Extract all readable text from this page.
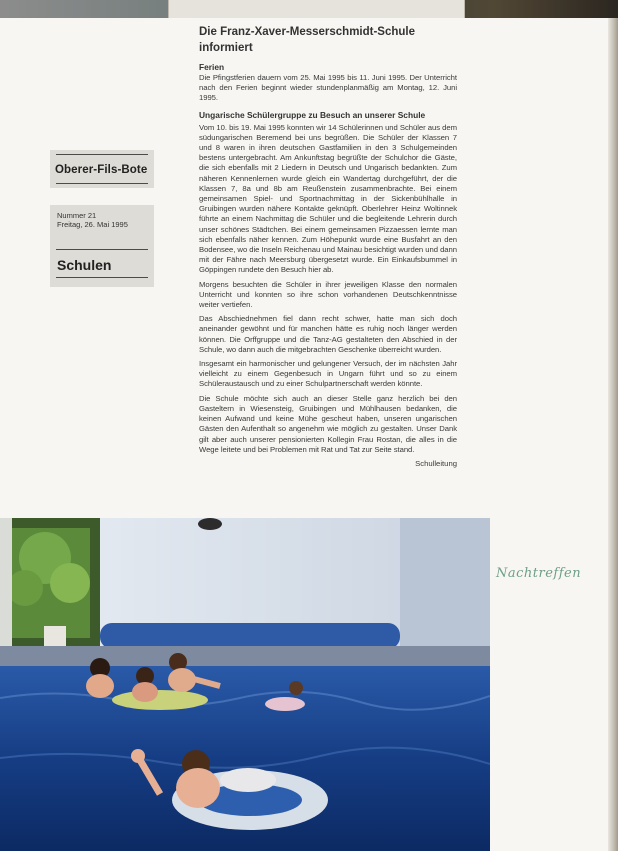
Oberer-Fils-Bote
Nummer 21
Freitag, 26. Mai 1995
Schulen
Die Franz-Xaver-Messerschmidt-Schule informiert
Ferien

Die Pfingstferien dauern vom 25. Mai 1995 bis 11. Juni 1995. Der Unterricht nach den Ferien beginnt wieder stundenplanmäßig am Montag, 12. Juni 1995.

Ungarische Schülergruppe zu Besuch an unserer Schule

Vom 10. bis 19. Mai 1995 konnten wir 14 Schülerinnen und Schüler aus dem südungarischen Beremend bei uns begrüßen. Die Schüler der Klassen 7 und 8 waren in ihren deutschen Gastfamilien in den 3 Schulgemeinden bestens untergebracht. Am Ankunftstag begrüßte der Schulchor die Gäste, die sich ebenfalls mit 2 Liedern in Deutsch und Ungarisch bedankten. Zum näheren Kennenlernen wurde gleich ein Wandertag durchgeführt, der die Klassen 7, 8a und 8b am Reußenstein zusammenbrachte. Bei einem gemeinsamen Spiel- und Sportnachmittag in der Sickenbühlhalle in Gruibingen wurden nähere Kontakte geknüpft. Oberlehrer Heinz Woltinnek führte an einem Nachmittag die Schüler und die begleitende Lehrerin durch unser schönes Städtchen. Bei einem gemeinsamen Pizzaessen lernte man sich ebenfalls näher kennen. Zum Höhepunkt wurde eine Busfahrt an den Bodensee, wo die Inseln Reichenau und Mainau besichtigt wurden und dann mit der Fähre nach Meersburg übergesetzt wurde. Ein Einkaufsbummel in Göppingen rundete den Besuch hier ab.

Morgens besuchten die Schüler in ihrer jeweiligen Klasse den normalen Unterricht und konnten so ihre schon vorhandenen Deutschkenntnisse weiter vertiefen.

Das Abschiednehmen fiel dann recht schwer, hatte man sich doch aneinander gewöhnt und für manchen hätte es ruhig noch länger werden können. Die Orffgruppe und die Tanz-AG gestalteten den Abschied in der Schule, wo dann auch die mitgebrachten Geschenke überreicht wurden.

Insgesamt ein harmonischer und gelungener Versuch, der im nächsten Jahr vielleicht zu einem Gegenbesuch in Ungarn führt und so zu einem Schüleraustausch und zu einer Schulpartnerschaft werden könnte.

Die Schule möchte sich auch an dieser Stelle ganz herzlich bei den Gasteltern in Wiesensteig, Gruibingen und Mühlhausen bedanken, die keinen Aufwand und keine Mühe gescheut haben, unseren ungarischen Gästen den Aufenthalt so angenehm wie möglich zu gestalten. Unser Dank gilt aber auch unserer pensionierten Kollegin Frau Rostan, die alles in die Wege leitete und bei Problemen mit Rat und Tat zur Seite stand.

Schulleitung
Nachtreffen
